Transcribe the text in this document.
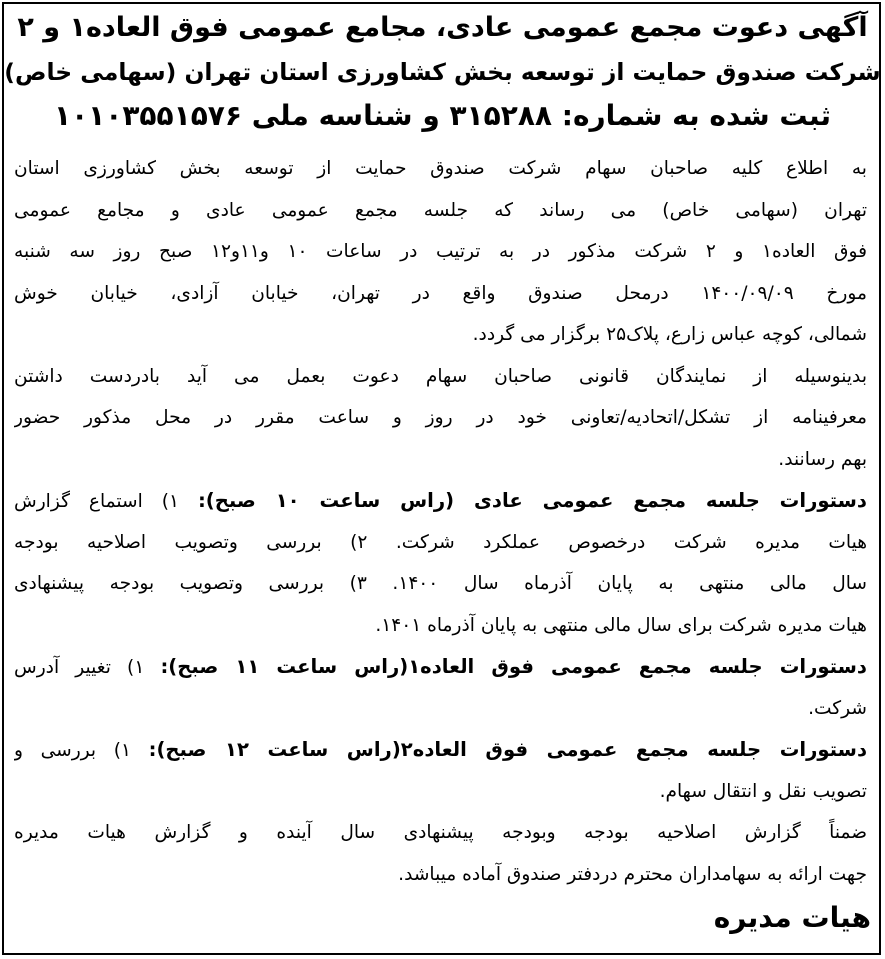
آگهی دعوت مجمع عمومی عادی، مجامع عمومی فوق العاده۱ و ۲
شرکت صندوق حمایت از توسعه بخش کشاورزی استان تهران (سهامی خاص)
ثبت شده به شماره: ۳۱۵۲۸۸ و شناسه ملی ۱۰۱۰۳۵۵۱۵۷۶
به اطلاع کلیه صاحبان سهام شرکت صندوق حمایت از توسعه بخش کشاورزی استان
تهران (سهامی خاص) می رساند که جلسه مجمع عمومی عادی و مجامع عمومی
فوق العاده۱ و ۲ شرکت مذکور در به ترتیب در ساعات ۱۰ و۱۱و۱۲ صبح روز سه شنبه
مورخ ۱۴۰۰/۰۹/۰۹ درمحل صندوق واقع در تهران، خیابان آزادی، خیابان خوش
شمالی، کوچه عباس زارع، پلاک۲۵ برگزار می گردد.
بدینوسیله از نمایندگان قانونی صاحبان سهام دعوت بعمل می آید بادردست داشتن
معرفینامه از تشکل/اتحادیه/تعاونی خود در روز و ساعت مقرر در محل مذکور حضور
بهم رسانند.
دستورات جلسه مجمع عمومی عادی (راس ساعت ۱۰ صبح): ۱) استماع گزارش
هیات مدیره شرکت درخصوص عملکرد شرکت. ۲) بررسی وتصویب اصلاحیه بودجه
سال مالی منتهی به پایان آذرماه سال ۱۴۰۰. ۳) بررسی وتصویب بودجه پیشنهادی
هیات مدیره شرکت برای سال مالی منتهی به پایان آذرماه ۱۴۰۱.
دستورات جلسه مجمع عمومی فوق العاده۱(راس ساعت ۱۱ صبح): ۱) تغییر آدرس
شرکت.
دستورات جلسه مجمع عمومی فوق العاده۲(راس ساعت ۱۲ صبح): ۱) بررسی و
تصویب نقل و انتقال سهام.
ضمناً گزارش اصلاحیه بودجه وبودجه پیشنهادی سال آینده و گزارش هیات مدیره
جهت ارائه به سهامداران محترم دردفتر صندوق آماده میباشد.
هیات مدیره
